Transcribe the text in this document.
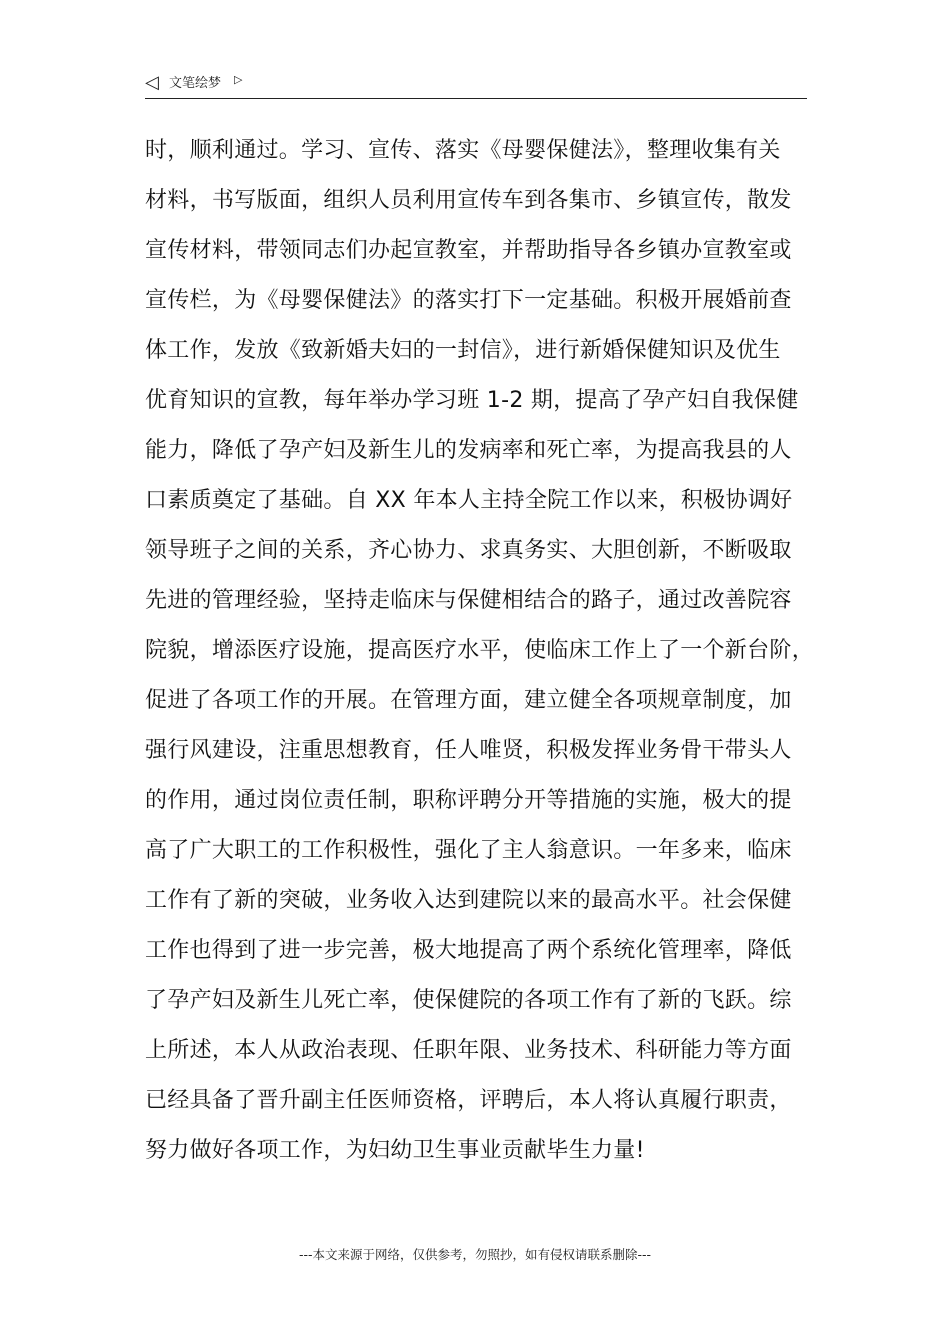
◁ 文笔绘梦 ▷
时，顺利通过。学习、宣传、落实《母婴保健法》，整理收集有关
材料，书写版面，组织人员利用宣传车到各集市、乡镇宣传，散发
宣传材料，带领同志们办起宣教室，并帮助指导各乡镇办宣教室或
宣传栏，为《母婴保健法》的落实打下一定基础。积极开展婚前查
体工作，发放《致新婚夫妇的一封信》，进行新婚保健知识及优生
优育知识的宣教，每年举办学习班 1-2 期，提高了孕产妇自我保健
能力，降低了孕产妇及新生儿的发病率和死亡率，为提高我县的人
口素质奠定了基础。自 XX 年本人主持全院工作以来，积极协调好
领导班子之间的关系，齐心协力、求真务实、大胆创新，不断吸取
先进的管理经验，坚持走临床与保健相结合的路子，通过改善院容
院貌，增添医疗设施，提高医疗水平，使临床工作上了一个新台阶，
促进了各项工作的开展。在管理方面，建立健全各项规章制度，加
强行风建设，注重思想教育，任人唯贤，积极发挥业务骨干带头人
的作用，通过岗位责任制，职称评聘分开等措施的实施，极大的提
高了广大职工的工作积极性，强化了主人翁意识。一年多来，临床
工作有了新的突破，业务收入达到建院以来的最高水平。社会保健
工作也得到了进一步完善，极大地提高了两个系统化管理率，降低
了孕产妇及新生儿死亡率，使保健院的各项工作有了新的飞跃。综
上所述，本人从政治表现、任职年限、业务技术、科研能力等方面
已经具备了晋升副主任医师资格，评聘后，本人将认真履行职责，
努力做好各项工作，为妇幼卫生事业贡献毕生力量!
---本文来源于网络，仅供参考，勿照抄，如有侵权请联系删除---
